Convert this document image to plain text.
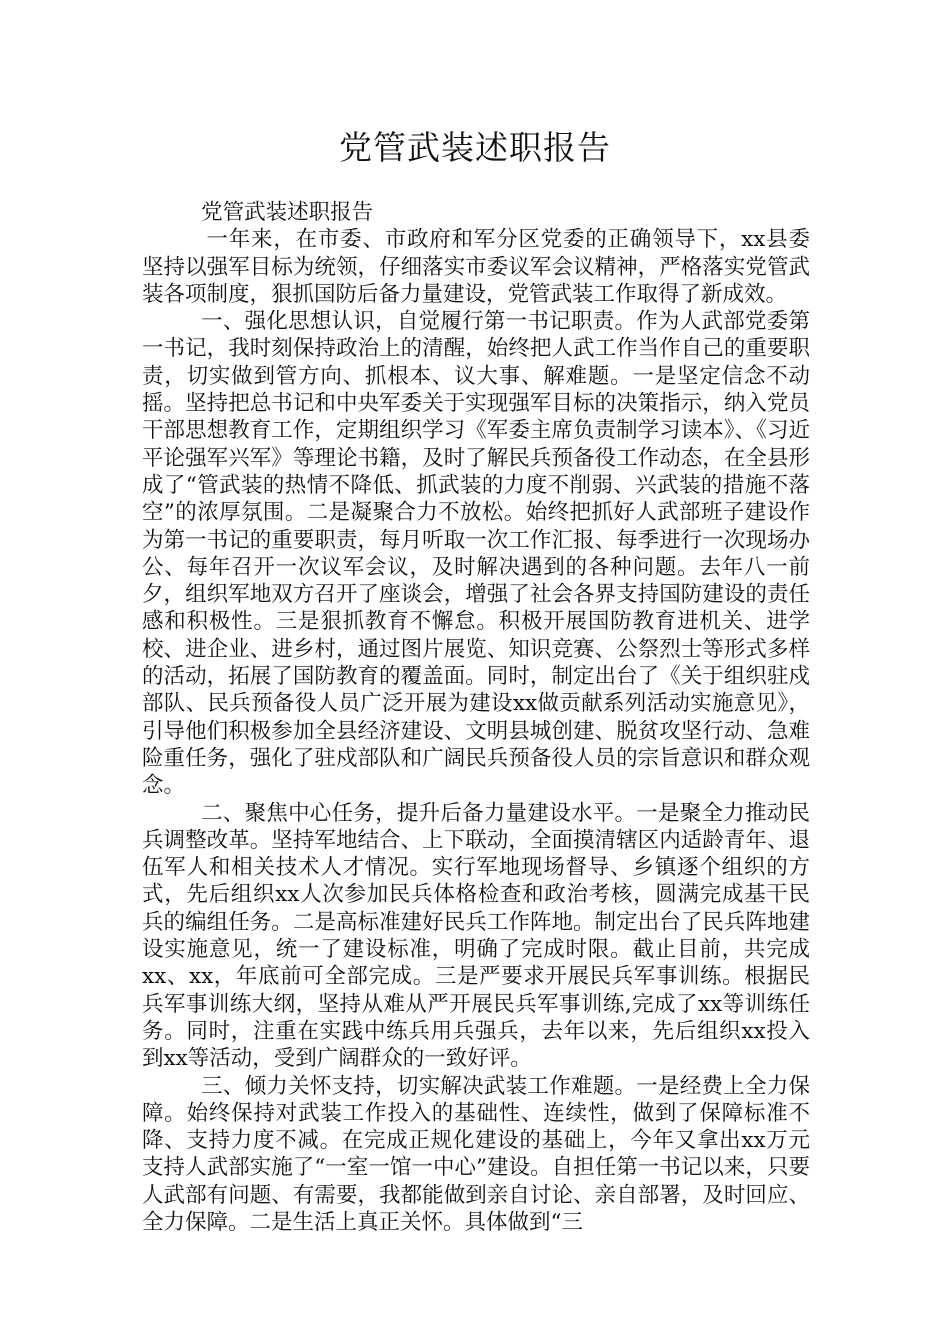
党管武装述职报告

党管武装述职报告

一年来，在市委、市政府和军分区党委的正确领导下，xx县委坚持以强军目标为统领，仔细落实市委议军会议精神，严格落实党管武装各项制度，狠抓国防后备力量建设，党管武装工作取得了新成效。

一、强化思想认识，自觉履行第一书记职责。作为人武部党委第一书记，我时刻保持政治上的清醒，始终把人武工作当作自己的重要职责，切实做到管方向、抓根本、议大事、解难题。一是坚定信念不动摇。坚持把总书记和中央军委关于实现强军目标的决策指示，纳入党员干部思想教育工作，定期组织学习《军委主席负责制学习读本》、《习近平论强军兴军》等理论书籍，及时了解民兵预备役工作动态，在全县形成了“管武装的热情不降低、抓武装的力度不削弱、兴武装的措施不落空”的浓厚氛围。二是凝聚合力不放松。始终把抓好人武部班子建设作为第一书记的重要职责，每月听取一次工作汇报、每季进行一次现场办公、每年召开一次议军会议，及时解决遇到的各种问题。去年八一前夕，组织军地双方召开了座谈会，增强了社会各界支持国防建设的责任感和积极性。三是狠抓教育不懈怠。积极开展国防教育进机关、进学校、进企业、进乡村，通过图片展览、知识竞赛、公祭烈士等形式多样的活动，拓展了国防教育的覆盖面。同时，制定出台了《关于组织驻戍部队、民兵预备役人员广泛开展为建设xx做贡献系列活动实施意见》，引导他们积极参加全县经济建设、文明县城创建、脱贫攻坚行动、急难险重任务，强化了驻戍部队和广阔民兵预备役人员的宗旨意识和群众观念。

二、聚焦中心任务，提升后备力量建设水平。一是聚全力推动民兵调整改革。坚持军地结合、上下联动，全面摸清辖区内适龄青年、退伍军人和相关技术人才情况。实行军地现场督导、乡镇逐个组织的方式，先后组织xx人次参加民兵体格检查和政治考核，圆满完成基干民兵的编组任务。二是高标准建好民兵工作阵地。制定出台了民兵阵地建设实施意见，统一了建设标准，明确了完成时限。截止目前，共完成xx、xx，年底前可全部完成。三是严要求开展民兵军事训练。根据民兵军事训练大纲，坚持从难从严开展民兵军事训练,完成了xx等训练任务。同时，注重在实践中练兵用兵强兵，去年以来，先后组织xx投入到xx等活动，受到广阔群众的一致好评。

三、倾力关怀支持，切实解决武装工作难题。一是经费上全力保障。始终保持对武装工作投入的基础性、连续性，做到了保障标准不降、支持力度不减。在完成正规化建设的基础上，今年又拿出xx万元支持人武部实施了“一室一馆一中心”建设。自担任第一书记以来，只要人武部有问题、有需要，我都能做到亲自讨论、亲自部署，及时回应、全力保障。二是生活上真正关怀。具体做到“三
